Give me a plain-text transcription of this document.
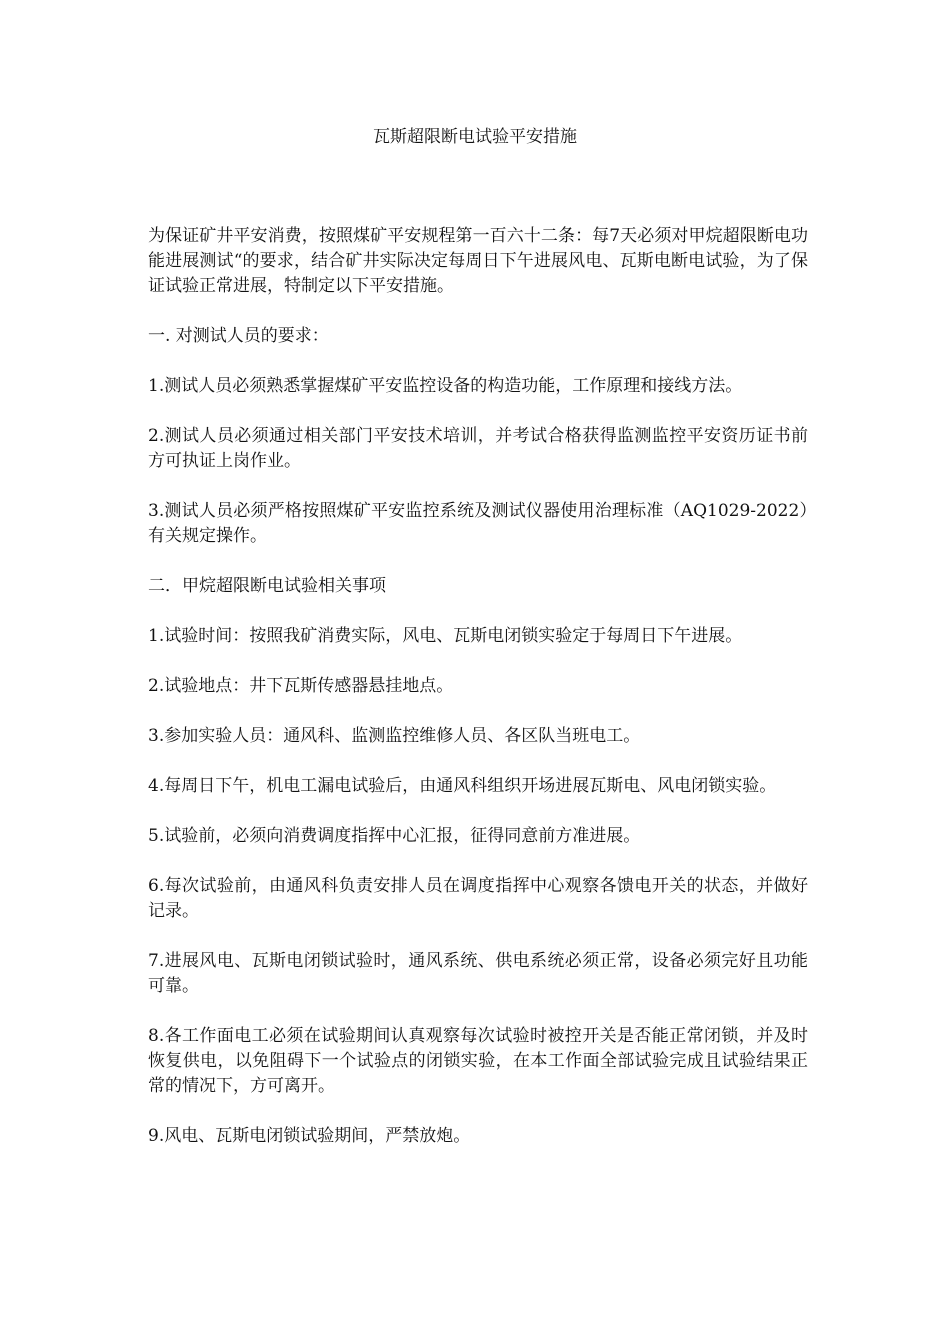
瓦斯超限断电试验平安措施

为保证矿井平安消费，按照煤矿平安规程第一百六十二条：每7天必须对甲烷超限断电功能进展测试“的要求，结合矿井实际决定每周日下午进展风电、瓦斯电断电试验，为了保证试验正常进展，特制定以下平安措施。

一. 对测试人员的要求：

1.测试人员必须熟悉掌握煤矿平安监控设备的构造功能，工作原理和接线方法。

2.测试人员必须通过相关部门平安技术培训，并考试合格获得监测监控平安资历证书前方可执证上岗作业。

3.测试人员必须严格按照煤矿平安监控系统及测试仪器使用治理标准（AQ1029-2022）有关规定操作。

二．甲烷超限断电试验相关事项

1.试验时间：按照我矿消费实际，风电、瓦斯电闭锁实验定于每周日下午进展。

2.试验地点：井下瓦斯传感器悬挂地点。

3.参加实验人员：通风科、监测监控维修人员、各区队当班电工。

4.每周日下午，机电工漏电试验后，由通风科组织开场进展瓦斯电、风电闭锁实验。

5.试验前，必须向消费调度指挥中心汇报，征得同意前方准进展。

6.每次试验前，由通风科负责安排人员在调度指挥中心观察各馈电开关的状态，并做好记录。

7.进展风电、瓦斯电闭锁试验时，通风系统、供电系统必须正常，设备必须完好且功能可靠。

8.各工作面电工必须在试验期间认真观察每次试验时被控开关是否能正常闭锁，并及时恢复供电，以免阻碍下一个试验点的闭锁实验，在本工作面全部试验完成且试验结果正常的情况下，方可离开。

9.风电、瓦斯电闭锁试验期间，严禁放炮。
